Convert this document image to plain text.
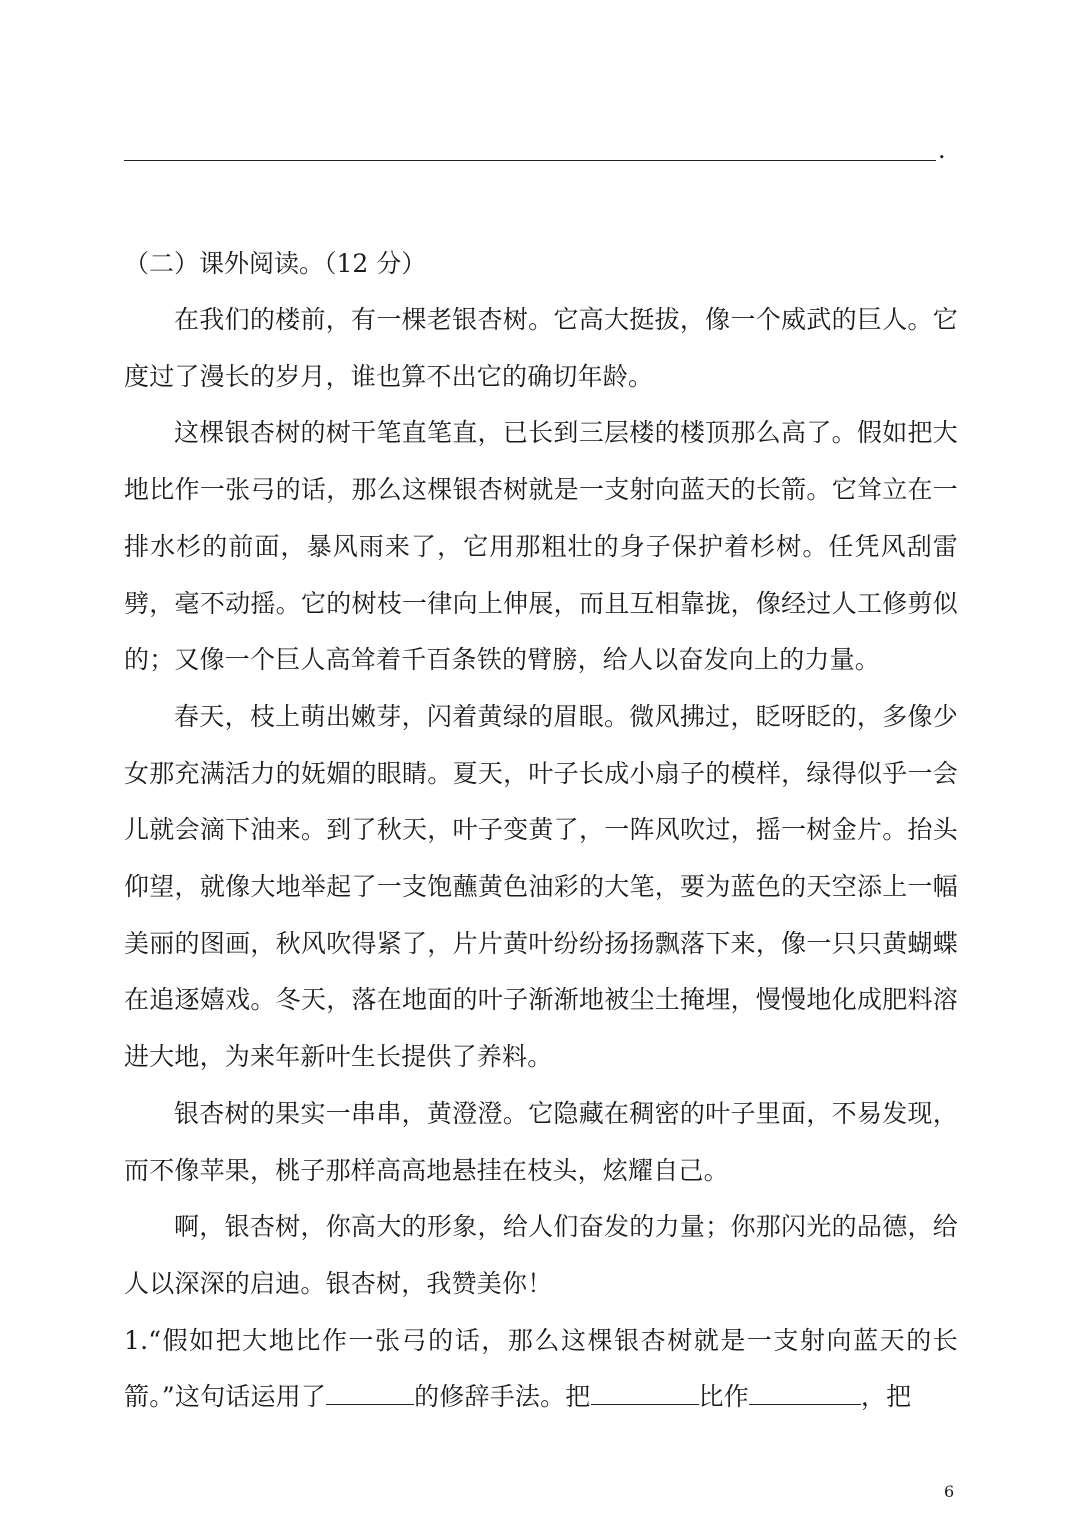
.
（二）课外阅读。（12 分）

在我们的楼前，有一棵老银杏树。它高大挺拔，像一个威武的巨人。它度过了漫长的岁月，谁也算不出它的确切年龄。

这棵银杏树的树干笔直笔直，已长到三层楼的楼顶那么高了。假如把大地比作一张弓的话，那么这棵银杏树就是一支射向蓝天的长箭。它耸立在一排水杉的前面，暴风雨来了，它用那粗壮的身子保护着杉树。任凭风刮雷劈，毫不动摇。它的树枝一律向上伸展，而且互相靠拢，像经过人工修剪似的；又像一个巨人高耸着千百条铁的臂膀，给人以奋发向上的力量。

春天，枝上萌出嫩芽，闪着黄绿的眉眼。微风拂过，眨呀眨的，多像少女那充满活力的妩媚的眼睛。夏天，叶子长成小扇子的模样，绿得似乎一会儿就会滴下油来。到了秋天，叶子变黄了，一阵风吹过，摇一树金片。抬头仰望，就像大地举起了一支饱蘸黄色油彩的大笔，要为蓝色的天空添上一幅美丽的图画，秋风吹得紧了，片片黄叶纷纷扬扬飘落下来，像一只只黄蝴蝶在追逐嬉戏。冬天，落在地面的叶子渐渐地被尘土掩埋，慢慢地化成肥料溶进大地，为来年新叶生长提供了养料。

银杏树的果实一串串，黄澄澄。它隐藏在稠密的叶子里面，不易发现，而不像苹果，桃子那样高高地悬挂在枝头，炫耀自己。

啊，银杏树，你高大的形象，给人们奋发的力量；你那闪光的品德，给人以深深的启迪。银杏树，我赞美你！

1.“假如把大地比作一张弓的话，那么这棵银杏树就是一支射向蓝天的长箭。”这句话运用了	的修辞手法。把	比作	，把

6
